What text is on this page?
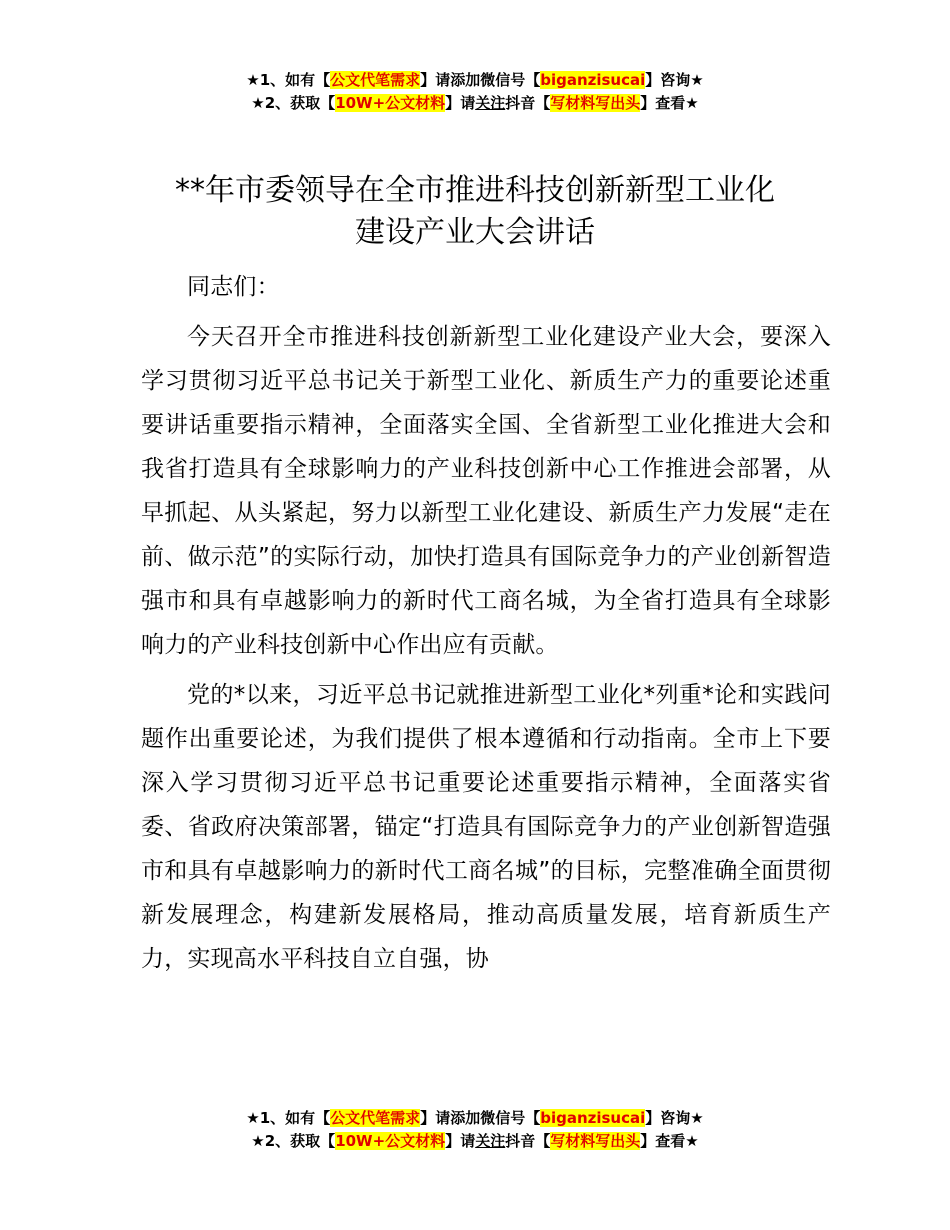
★1、如有【公文代笔需求】请添加微信号【biganzisucai】咨询★
★2、获取【10W+公文材料】请关注抖音【写材料写出头】查看★
**年市委领导在全市推进科技创新新型工业化
建设产业大会讲话

同志们：

今天召开全市推进科技创新新型工业化建设产业大会，要深入学习贯彻习近平总书记关于新型工业化、新质生产力的重要论述重要讲话重要指示精神，全面落实全国、全省新型工业化推进大会和我省打造具有全球影响力的产业科技创新中心工作推进会部署，从早抓起、从头紧起，努力以新型工业化建设、新质生产力发展“走在前、做示范”的实际行动，加快打造具有国际竞争力的产业创新智造强市和具有卓越影响力的新时代工商名城，为全省打造具有全球影响力的产业科技创新中心作出应有贡献。

党的*以来，习近平总书记就推进新型工业化*列重*论和实践问题作出重要论述，为我们提供了根本遵循和行动指南。全市上下要深入学习贯彻习近平总书记重要论述重要指示精神，全面落实省委、省政府决策部署，锚定“打造具有国际竞争力的产业创新智造强市和具有卓越影响力的新时代工商名城”的目标，完整准确全面贯彻新发展理念，构建新发展格局，推动高质量发展，培育新质生产力，实现高水平科技自立自强，协

★1、如有【公文代笔需求】请添加微信号【biganzisucai】咨询★
★2、获取【10W+公文材料】请关注抖音【写材料写出头】查看★
